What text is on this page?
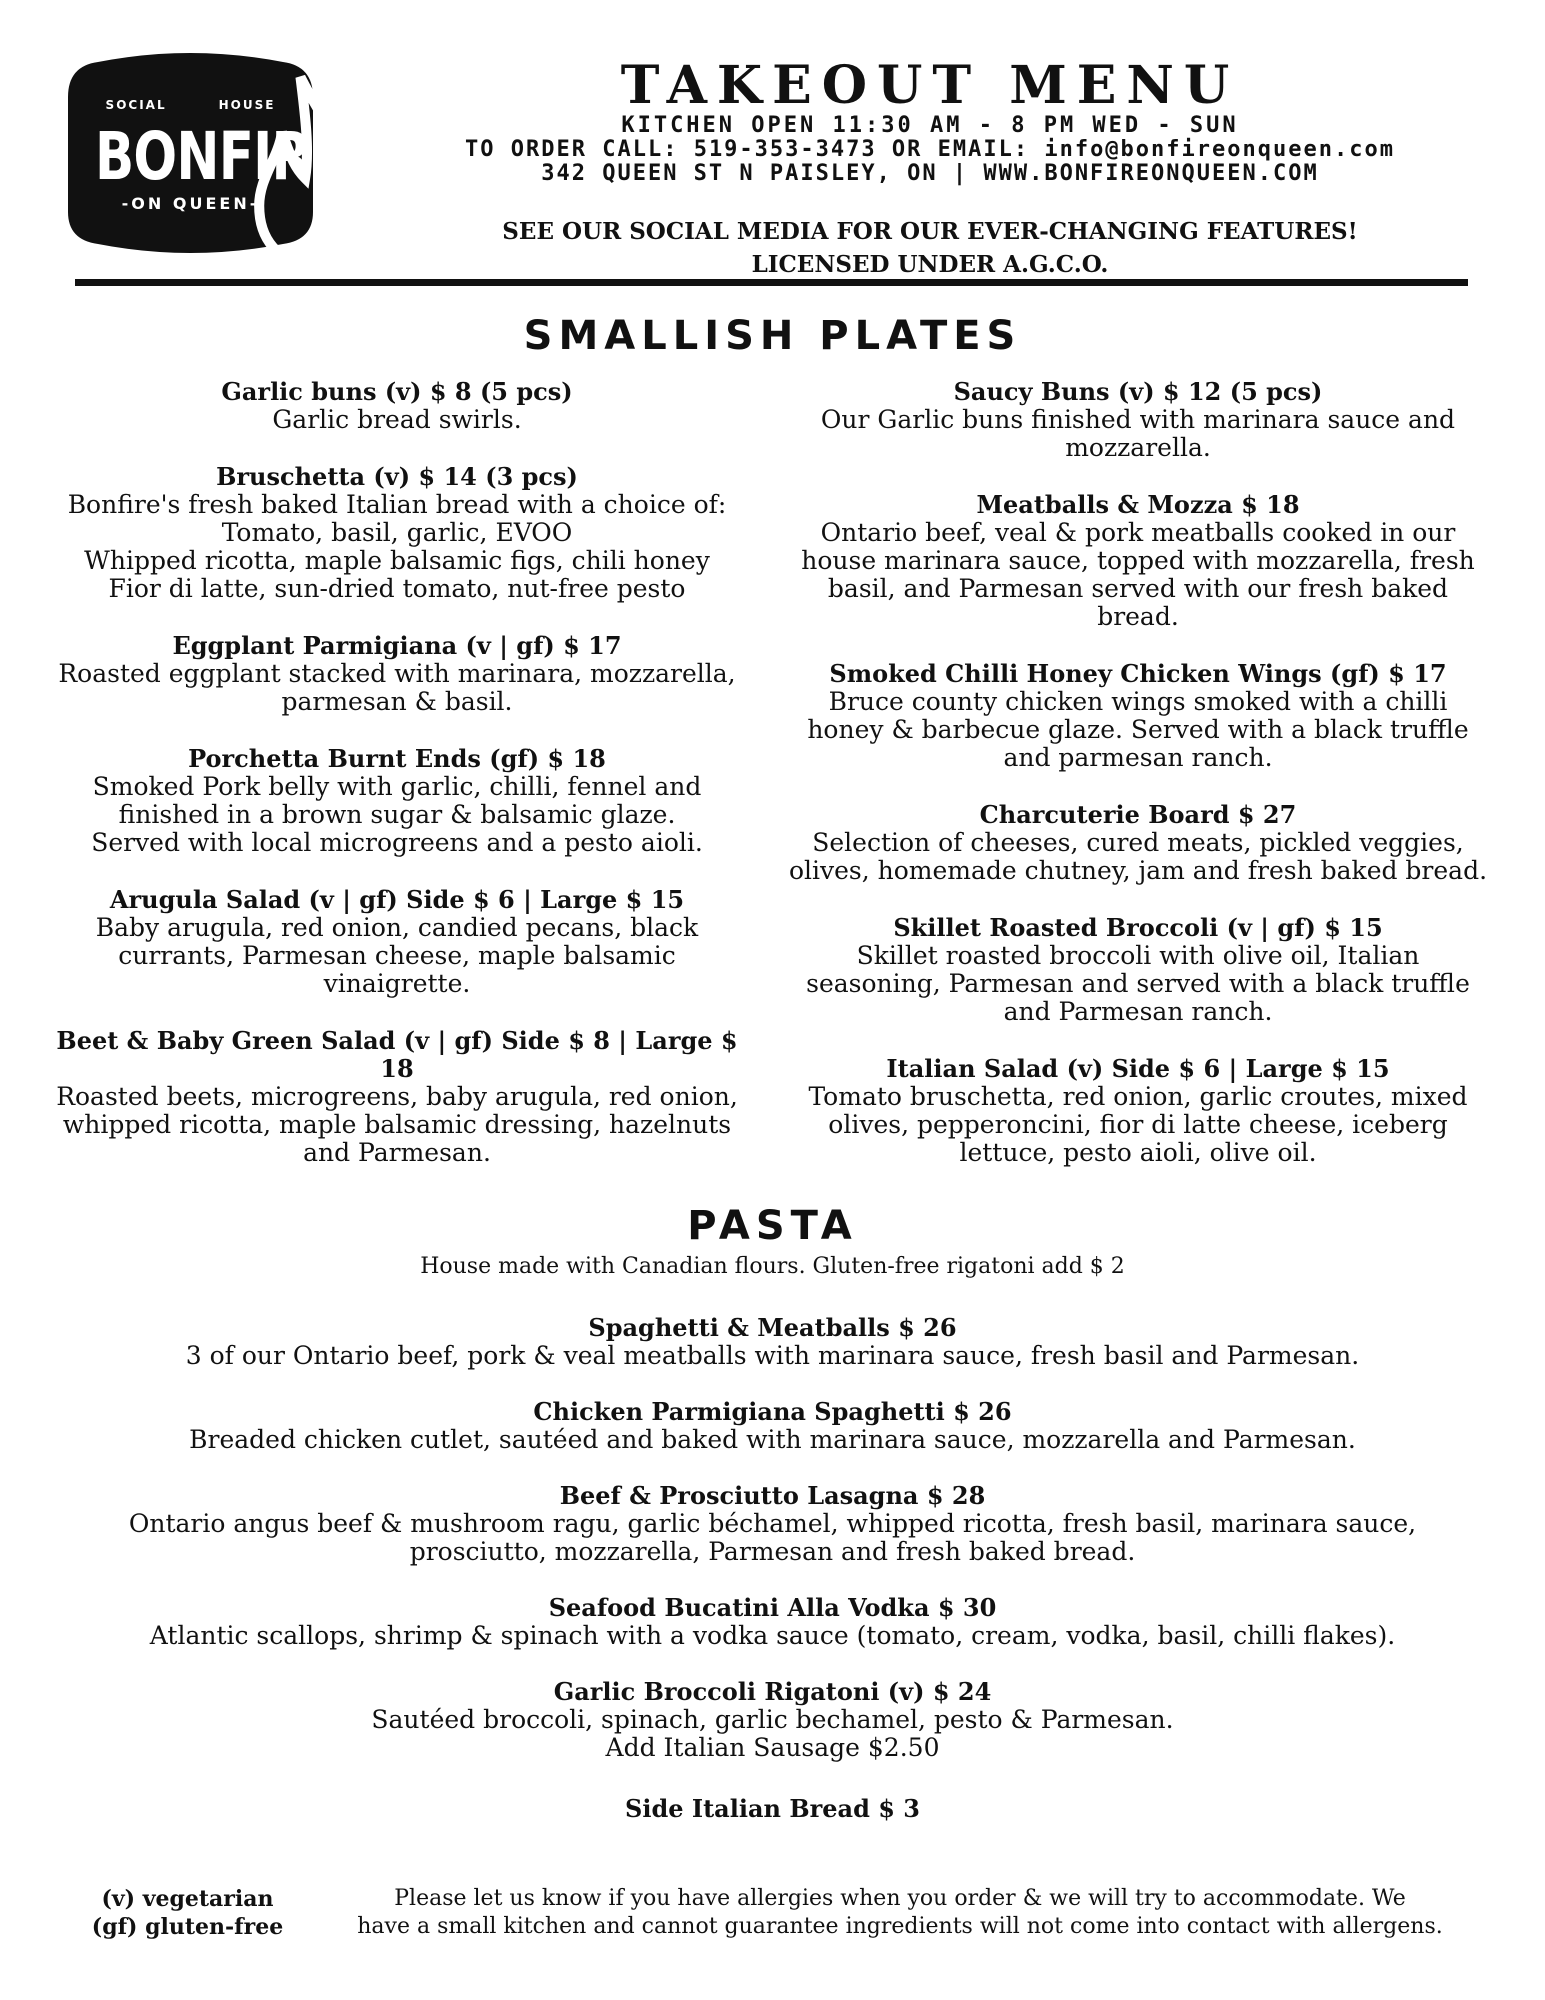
SOCIAL	HOUSE
BONFIRE
-ON QUEEN-
TAKEOUT MENU
KITCHEN OPEN 11:30 AM - 8 PM WED - SUN
TO ORDER CALL: 519-353-3473 OR EMAIL: info@bonfireonqueen.com
342 QUEEN ST N PAISLEY, ON | WWW.BONFIREONQUEEN.COM
SEE OUR SOCIAL MEDIA FOR OUR EVER-CHANGING FEATURES!
LICENSED UNDER A.G.C.O.
SMALLISH PLATES
Garlic buns (v) $ 8 (5 pcs)
Garlic bread swirls.
Bruschetta (v) $ 14 (3 pcs)
Bonfire's fresh baked Italian bread with a choice of:
Tomato, basil, garlic, EVOO
Whipped ricotta, maple balsamic figs, chili honey
Fior di latte, sun-dried tomato, nut-free pesto
Eggplant Parmigiana (v | gf) $ 17
Roasted eggplant stacked with marinara, mozzarella,
parmesan & basil.
Porchetta Burnt Ends (gf) $ 18
Smoked Pork belly with garlic, chilli, fennel and
finished in a brown sugar & balsamic glaze.
Served with local microgreens and a pesto aioli.
Arugula Salad (v | gf) Side $ 6 | Large $ 15
Baby arugula, red onion, candied pecans, black
currants, Parmesan cheese, maple balsamic
vinaigrette.
Beet & Baby Green Salad (v | gf) Side $ 8 | Large $ 18
Roasted beets, microgreens, baby arugula, red onion,
whipped ricotta, maple balsamic dressing, hazelnuts
and Parmesan.
Saucy Buns (v) $ 12 (5 pcs)
Our Garlic buns finished with marinara sauce and
mozzarella.
Meatballs & Mozza $ 18
Ontario beef, veal & pork meatballs cooked in our
house marinara sauce, topped with mozzarella, fresh
basil, and Parmesan served with our fresh baked bread.
Smoked Chilli Honey Chicken Wings (gf) $ 17
Bruce county chicken wings smoked with a chilli
honey & barbecue glaze. Served with a black truffle
and parmesan ranch.
Charcuterie Board $ 27
Selection of cheeses, cured meats, pickled veggies,
olives, homemade chutney, jam and fresh baked bread.
Skillet Roasted Broccoli (v | gf) $ 15
Skillet roasted broccoli with olive oil, Italian
seasoning, Parmesan and served with a black truffle
and Parmesan ranch.
Italian Salad (v) Side $ 6 | Large $ 15
Tomato bruschetta, red onion, garlic croutes, mixed
olives, pepperoncini, fior di latte cheese, iceberg
lettuce, pesto aioli, olive oil.
PASTA
House made with Canadian flours. Gluten-free rigatoni add $ 2
Spaghetti & Meatballs $ 26
3 of our Ontario beef, pork & veal meatballs with marinara sauce, fresh basil and Parmesan.
Chicken Parmigiana Spaghetti $ 26
Breaded chicken cutlet, sautéed and baked with marinara sauce, mozzarella and Parmesan.
Beef & Prosciutto Lasagna $ 28
Ontario angus beef & mushroom ragu, garlic béchamel, whipped ricotta, fresh basil, marinara sauce,
prosciutto, mozzarella, Parmesan and fresh baked bread.
Seafood Bucatini Alla Vodka $ 30
Atlantic scallops, shrimp & spinach with a vodka sauce (tomato, cream, vodka, basil, chilli flakes).
Garlic Broccoli Rigatoni (v) $ 24
Sautéed broccoli, spinach, garlic bechamel, pesto & Parmesan.
Add Italian Sausage $2.50
Side Italian Bread $ 3
(v) vegetarian
(gf) gluten-free
Please let us know if you have allergies when you order & we will try to accommodate. We
have a small kitchen and cannot guarantee ingredients will not come into contact with allergens.
